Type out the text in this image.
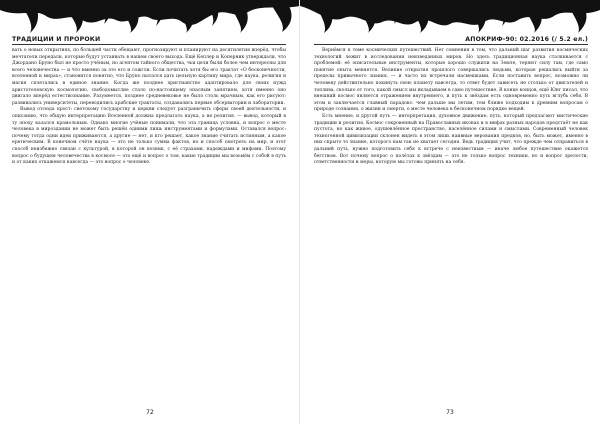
ТРАДИЦИИ И ПРОРОКИ

вать о новых открытиях, по большей части обещают, прогнозируют и планируют на десятилетия вперёд, чтобы мечтатели передали, которые будут устаивать в нашем своего выхода. Ещё Кеплер и Коперник утверждали, что Джордано Бруно был не просто учёным, но агентом тайного общества, чьи цели были более чем интересны для всего человечества — и что именно за это его и сожгли. Если почитать хотя бы его трактат «О бесконечности, вселенной и мирах», становится понятно, что Бруно пытался дать цельную картину мира, где наука, религия и магия сплетались в единое знание. Когда же позднее христианство адаптировало для своих нужд аристотелевскую космологию, свободомыслие стало по-настоящему опасным занятием, хотя именно оно двигало вперёд естествознание. Разумеется, позднее средневековье не было столь мрачным, как его рисуют: развивались университеты, переводились арабские трактаты, создавались первые обсерватории и лаборатории.

Вывод отсюда прост: светскому государству и церкви следует разграничить сферы своей деятельности, и описанию, что общую интерпретацию Вселенной должна предлагать наука, а не религия, — вывод, который в ту эпоху казался крамольным. Однако многие учёные понимали, что эта граница условна, и вопрос о месте человека в мироздании не может быть решён одними лишь инструментами и формулами. Оставался вопрос: почему тогда одни идеи приживаются, а другие — нет, и кто решает, какое знание считать истинным, а какое еретическим. В конечном счёте наука — это не только сумма фактов, но и способ смотреть на мир, и этот способ неизбежно связан с культурой, в которой он возник, с её страхами, надеждами и мифами. Поэтому вопрос о будущем человечества в космосе — это ещё и вопрос о том, какие традиции мы возьмём с собой в путь и от каких откажемся навсегда — это вопрос о человеке.

72
АПОКРИФ-90: 02.2016 (/ 5.2 ел.)

Вернёмся к теме космических путешествий. Нет сомнения в том, что дальний шаг развития космических технологий лежит в исследовании неизведанных миров. Но здесь традиционная наука сталкивается с проблемой: её описательные инструменты, которые хорошо служили на Земле, теряют силу там, где само понятие опыта меняется. Великие открытия прошлого совершались людьми, которые решались выйти за пределы привычного знания, — и часто их встречали насмешками. Если поставить вопрос, возможно ли человеку действительно покинуть свою планету навсегда, то ответ будет зависеть не столько от двигателей и топлива, сколько от того, какой смысл мы вкладываем в само путешествие. В конце концов, ещё Юнг писал, что внешний космос является отражением внутреннего, и путь к звёздам есть одновременно путь вглубь себя. В этом и заключается главный парадокс: чем дальше мы летим, тем ближе подходим к древним вопросам о природе сознания, о жизни и смерти, о месте человека в бесконечном порядке вещей.

Есть мнение, и другой путь — интерпретация, духовное движение, путь, который предлагают мистические традиции и религия. Космос сокровенный на Православных иконах и в мифах разных народов предстаёт не как пустота, но как живое, одушевлённое пространство, населённое силами и смыслами. Современный человек техногенной цивилизации склонен видеть в этом лишь наивные верования предков, но, быть может, именно в них скрыто то знание, которого нам так не хватает сегодня. Ведь традиция учит, что прежде чем отправиться в дальний путь, нужно подготовить себя к встрече с неизвестным — иначе любое путешествие окажется бегством. Вот почему вопрос о полётах к звёздам — это не только вопрос техники, но и вопрос зрелости, ответственности и меры, которую мы готовы принять на себя.

73
